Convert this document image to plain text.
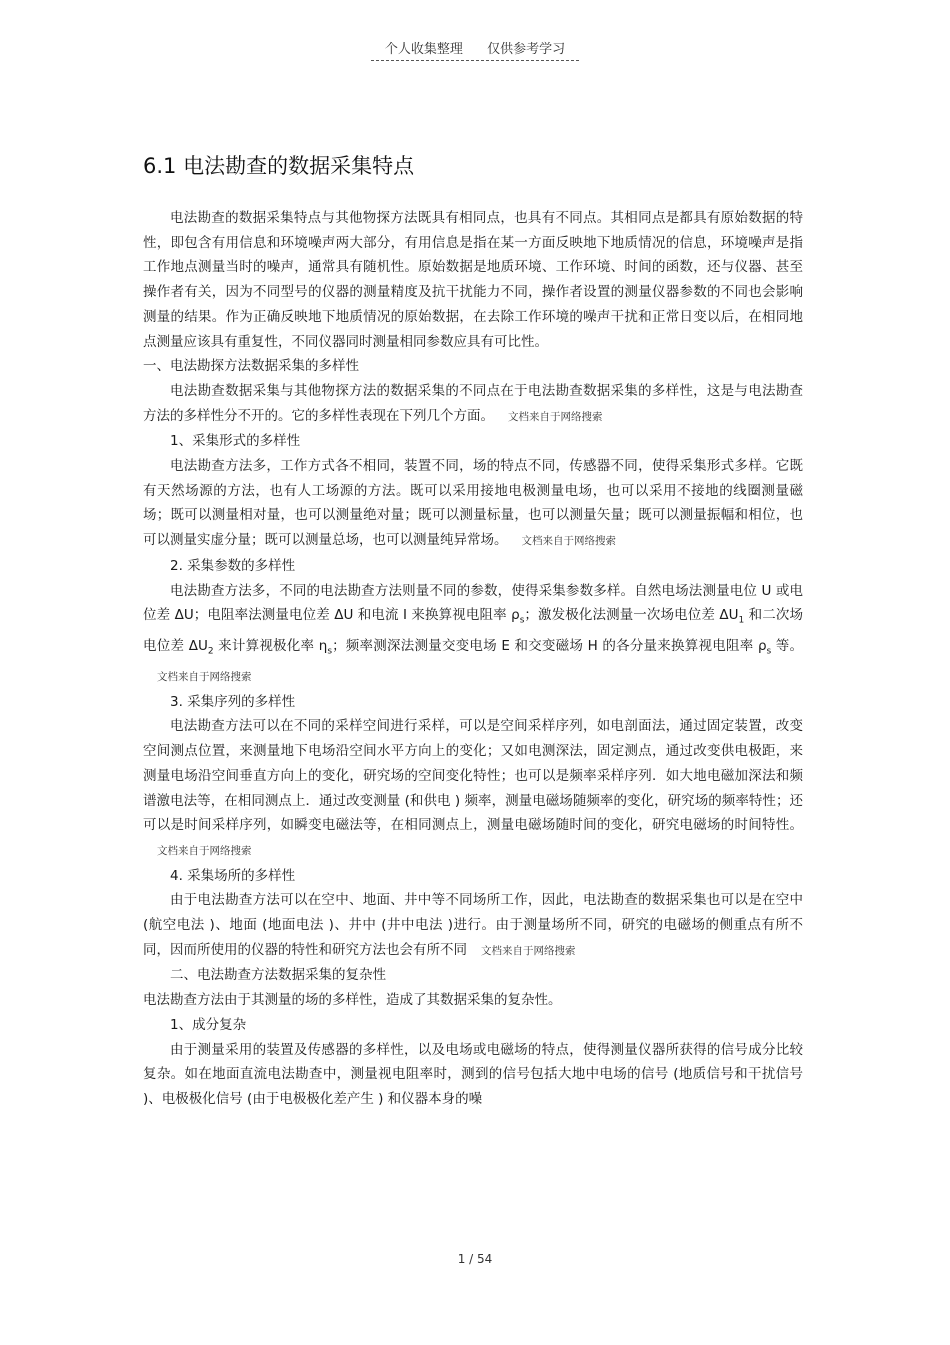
个人收集整理 仅供参考学习
6.1 电法勘查的数据采集特点

电法勘查的数据采集特点与其他物探方法既具有相同点，也具有不同点。其相同点是都具有原始数据的特性，即包含有用信息和环境噪声两大部分，有用信息是指在某一方面反映地下地质情况的信息，环境噪声是指工作地点测量当时的噪声，通常具有随机性。原始数据是地质环境、工作环境、时间的函数，还与仪器、甚至操作者有关，因为不同型号的仪器的测量精度及抗干扰能力不同，操作者设置的测量仪器参数的不同也会影响测量的结果。作为正确反映地下地质情况的原始数据，在去除工作环境的噪声干扰和正常日变以后，在相同地点测量应该具有重复性，不同仪器同时测量相同参数应具有可比性。

一、电法勘探方法数据采集的多样性

电法勘查数据采集与其他物探方法的数据采集的不同点在于电法勘查数据采集的多样性，这是与电法勘查方法的多样性分不开的。它的多样性表现在下列几个方面。 文档来自于网络搜索

1、采集形式的多样性

电法勘查方法多，工作方式各不相同，装置不同，场的特点不同，传感器不同，使得采集形式多样。它既有天然场源的方法，也有人工场源的方法。既可以采用接地电极测量电场，也可以采用不接地的线圈测量磁场；既可以测量相对量，也可以测量绝对量；既可以测量标量，也可以测量矢量；既可以测量振幅和相位，也可以测量实虚分量；既可以测量总场，也可以测量纯异常场。 文档来自于网络搜索

2. 采集参数的多样性

电法勘查方法多，不同的电法勘查方法则量不同的参数，使得采集参数多样。自然电场法测量电位 U 或电位差 ΔU；电阻率法测量电位差 ΔU 和电流 I 来换算视电阻率 $\rho_s$；激发极化法测量一次场电位差 $\Delta U_1$ 和二次场电位差 $\Delta U_2$ 来计算视极化率 $\eta_s$；频率测深法测量交变电场 E 和交变磁场 H 的各分量来换算视电阻率 $\rho_s$ 等。文档来自于网络搜索

3. 采集序列的多样性

电法勘查方法可以在不同的采样空间进行采样，可以是空间采样序列，如电剖面法，通过固定装置，改变空间测点位置，来测量地下电场沿空间水平方向上的变化；又如电测深法，固定测点，通过改变供电极距，来测量电场沿空间垂直方向上的变化，研究场的空间变化特性；也可以是频率采样序列．如大地电磁加深法和频谱激电法等，在相同测点上．通过改变测量 (和供电 ) 频率，测量电磁场随频率的变化，研究场的频率特性；还可以是时间采样序列，如瞬变电磁法等，在相同测点上，测量电磁场随时间的变化，研究电磁场的时间特性。文档来自于网络搜索

4. 采集场所的多样性

由于电法勘查方法可以在空中、地面、井中等不同场所工作，因此，电法勘查的数据采集也可以是在空中 (航空电法 )、地面 (地面电法 )、井中 (井中电法 )进行。由于测量场所不同，研究的电磁场的侧重点有所不同，因而所使用的仪器的特性和研究方法也会有所不同 文档来自于网络搜索

二、电法勘查方法数据采集的复杂性

电法勘查方法由于其测量的场的多样性，造成了其数据采集的复杂性。

1、成分复杂

由于测量采用的装置及传感器的多样性，以及电场或电磁场的特点，使得测量仪器所获得的信号成分比较复杂。如在地面直流电法勘查中，测量视电阻率时，测到的信号包括大地中电场的信号 (地质信号和干扰信号 )、电极极化信号 (由于电极极化差产生 ) 和仪器本身的噪

1 / 54
